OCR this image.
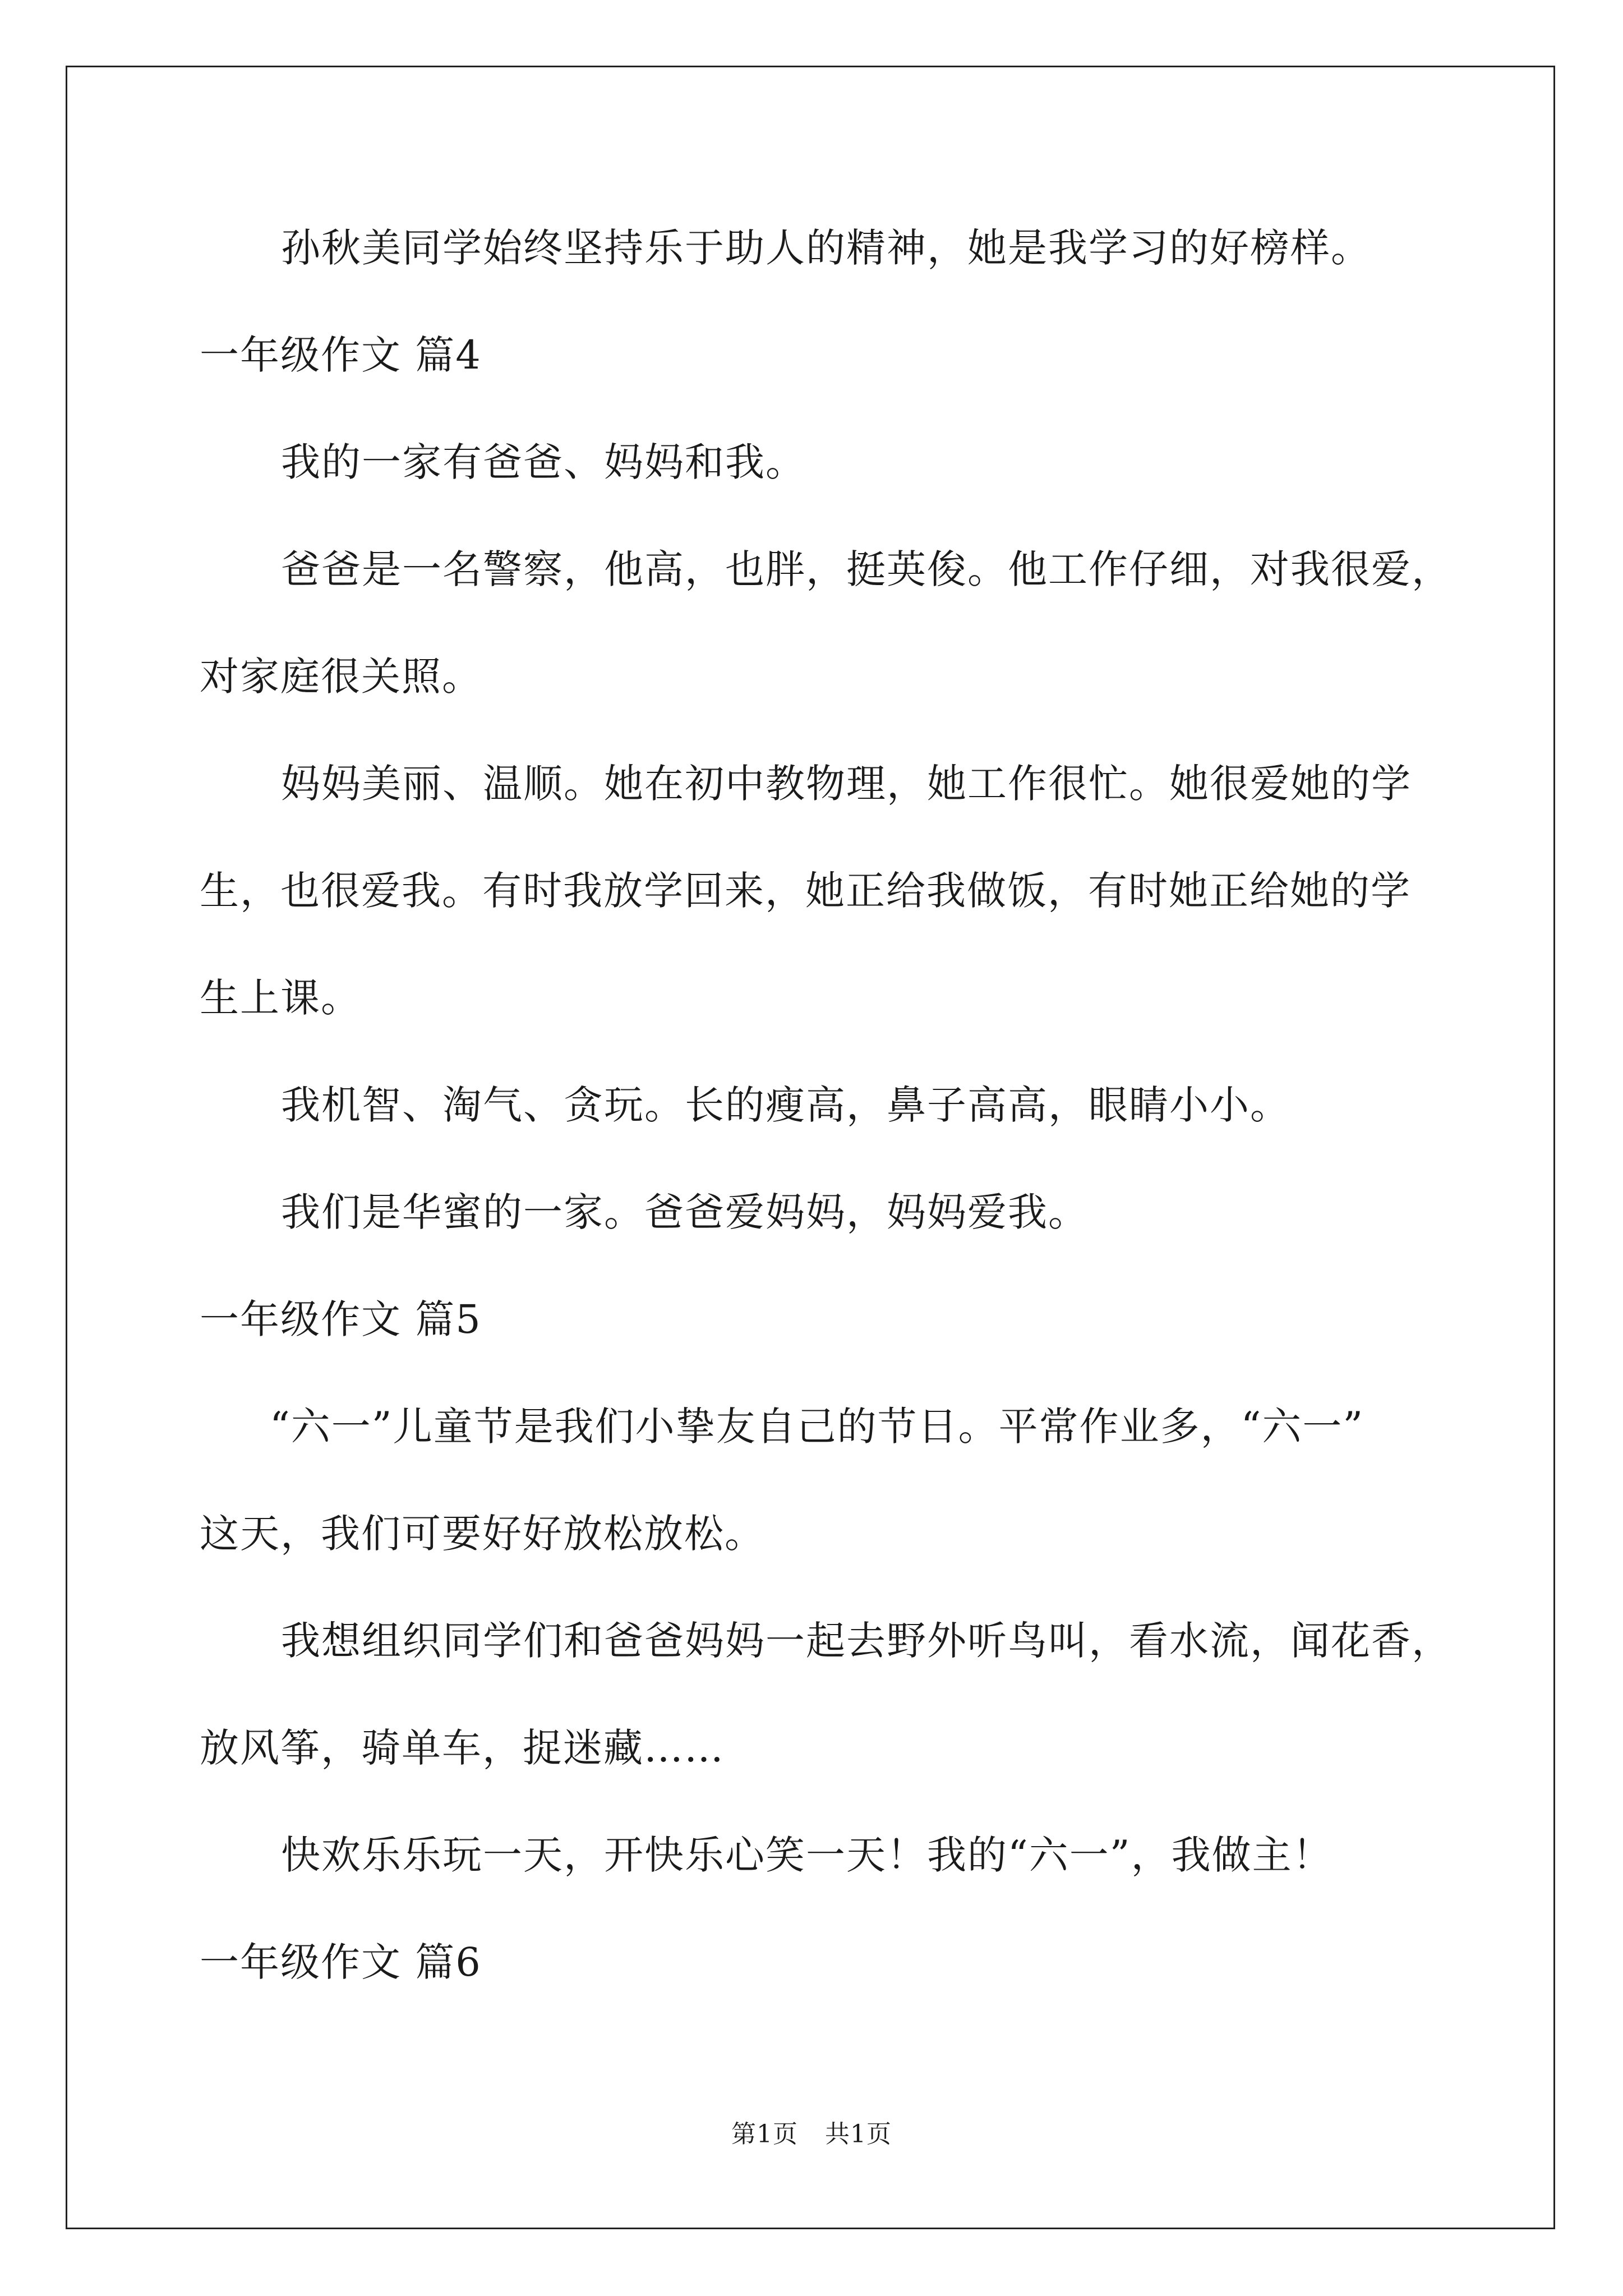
孙秋美同学始终坚持乐于助人的精神，她是我学习的好榜样。
一年级作文 篇4
我的一家有爸爸、妈妈和我。
爸爸是一名警察，他高，也胖，挺英俊。他工作仔细，对我很爱，
对家庭很关照。
妈妈美丽、温顺。她在初中教物理，她工作很忙。她很爱她的学
生，也很爱我。有时我放学回来，她正给我做饭，有时她正给她的学
生上课。
我机智、淘气、贪玩。长的瘦高，鼻子高高，眼睛小小。
我们是华蜜的一家。爸爸爱妈妈，妈妈爱我。
一年级作文 篇5
“六一”儿童节是我们小挚友自己的节日。平常作业多，“六一”
这天，我们可要好好放松放松。
我想组织同学们和爸爸妈妈一起去野外听鸟叫，看水流，闻花香，
放风筝，骑单车，捉迷藏……
快欢乐乐玩一天，开快乐心笑一天！我的“六一”，我做主！
一年级作文 篇6
第1页 共1页
